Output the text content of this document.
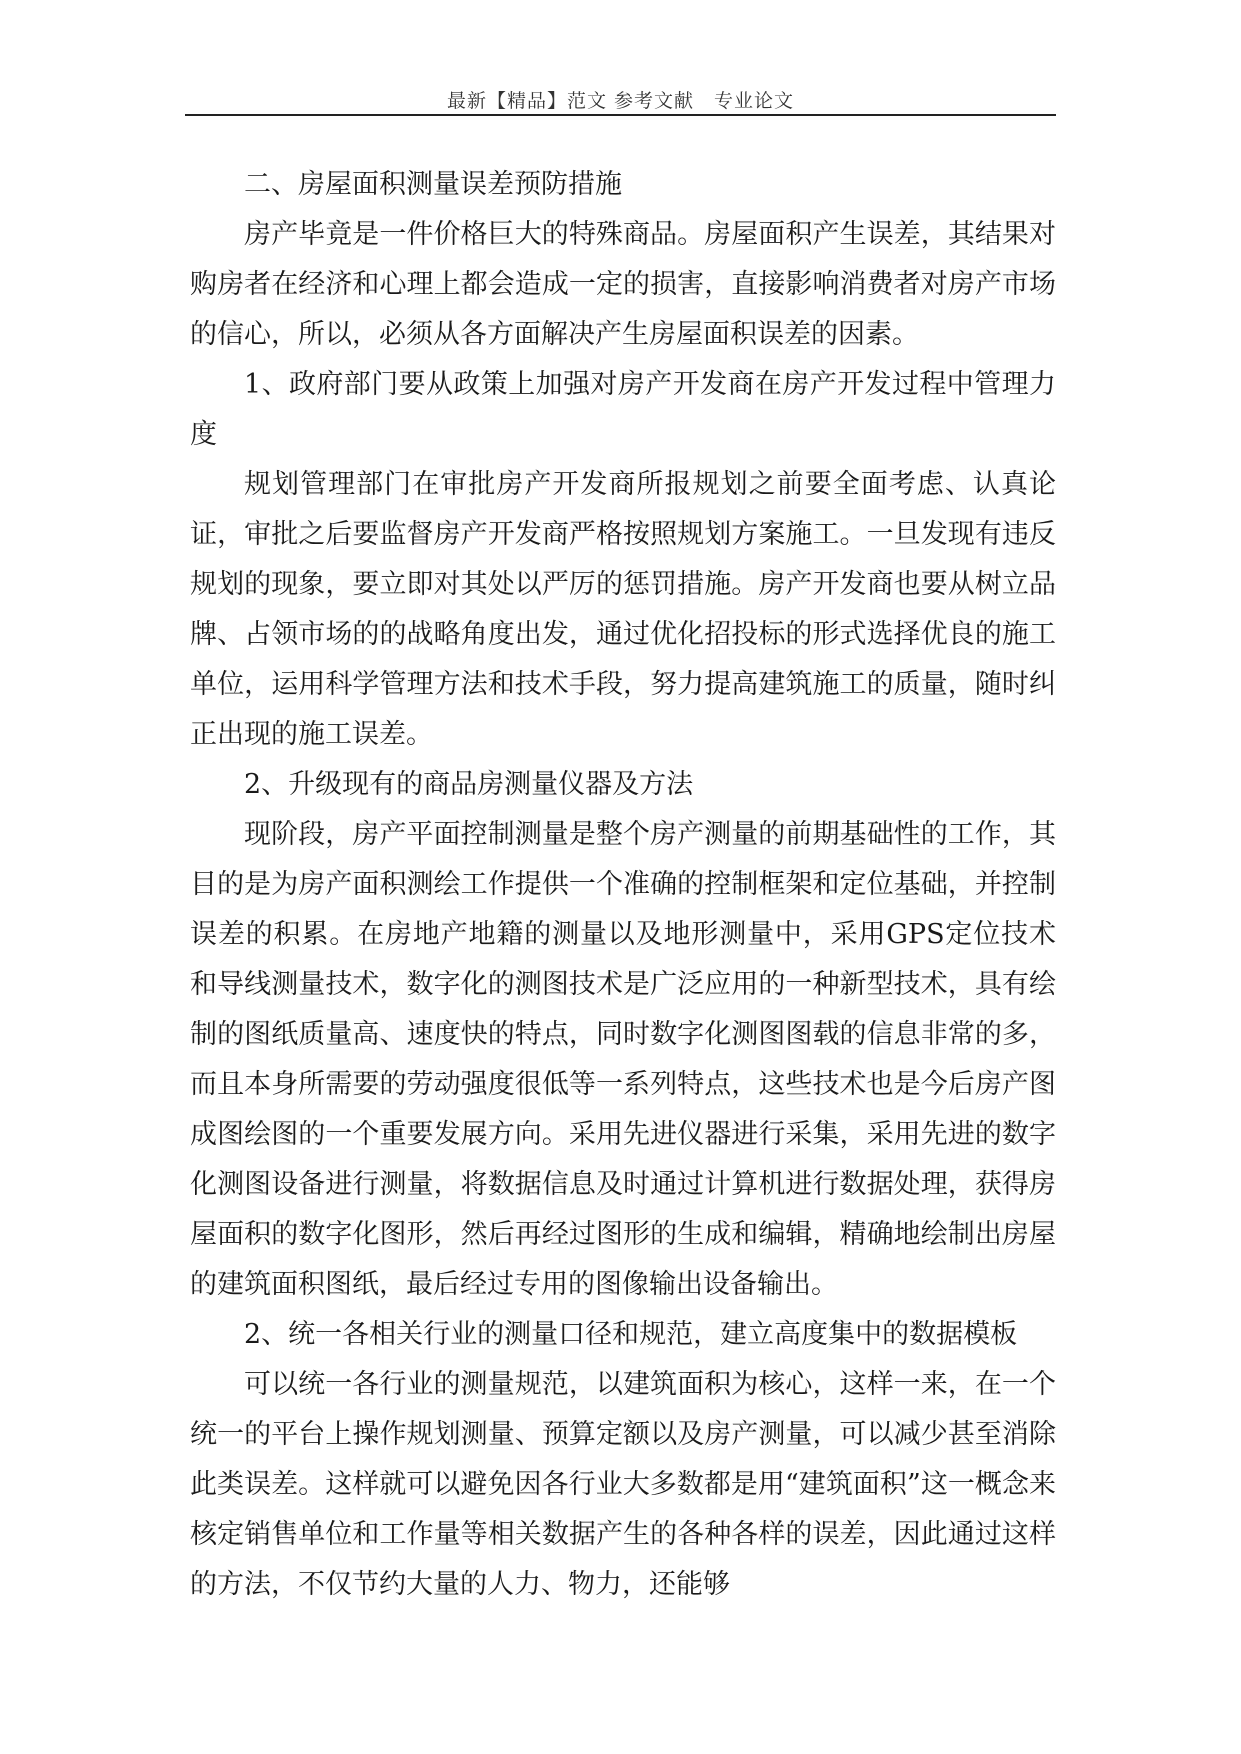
最新【精品】范文 参考文献　专业论文

二、房屋面积测量误差预防措施

房产毕竟是一件价格巨大的特殊商品。房屋面积产生误差，其结果对购房者在经济和心理上都会造成一定的损害，直接影响消费者对房产市场的信心，所以，必须从各方面解决产生房屋面积误差的因素。

1、政府部门要从政策上加强对房产开发商在房产开发过程中管理力度

规划管理部门在审批房产开发商所报规划之前要全面考虑、认真论证，审批之后要监督房产开发商严格按照规划方案施工。一旦发现有违反规划的现象，要立即对其处以严厉的惩罚措施。房产开发商也要从树立品牌、占领市场的的战略角度出发，通过优化招投标的形式选择优良的施工单位，运用科学管理方法和技术手段，努力提高建筑施工的质量，随时纠正出现的施工误差。

2、升级现有的商品房测量仪器及方法

现阶段，房产平面控制测量是整个房产测量的前期基础性的工作，其目的是为房产面积测绘工作提供一个准确的控制框架和定位基础，并控制误差的积累。在房地产地籍的测量以及地形测量中，采用GPS定位技术和导线测量技术，数字化的测图技术是广泛应用的一种新型技术，具有绘制的图纸质量高、速度快的特点，同时数字化测图图载的信息非常的多，而且本身所需要的劳动强度很低等一系列特点，这些技术也是今后房产图成图绘图的一个重要发展方向。采用先进仪器进行采集，采用先进的数字化测图设备进行测量，将数据信息及时通过计算机进行数据处理，获得房屋面积的数字化图形，然后再经过图形的生成和编辑，精确地绘制出房屋的建筑面积图纸，最后经过专用的图像输出设备输出。

2、统一各相关行业的测量口径和规范，建立高度集中的数据模板

可以统一各行业的测量规范，以建筑面积为核心，这样一来，在一个统一的平台上操作规划测量、预算定额以及房产测量，可以减少甚至消除此类误差。这样就可以避免因各行业大多数都是用“建筑面积”这一概念来核定销售单位和工作量等相关数据产生的各种各样的误差，因此通过这样的方法，不仅节约大量的人力、物力，还能够
